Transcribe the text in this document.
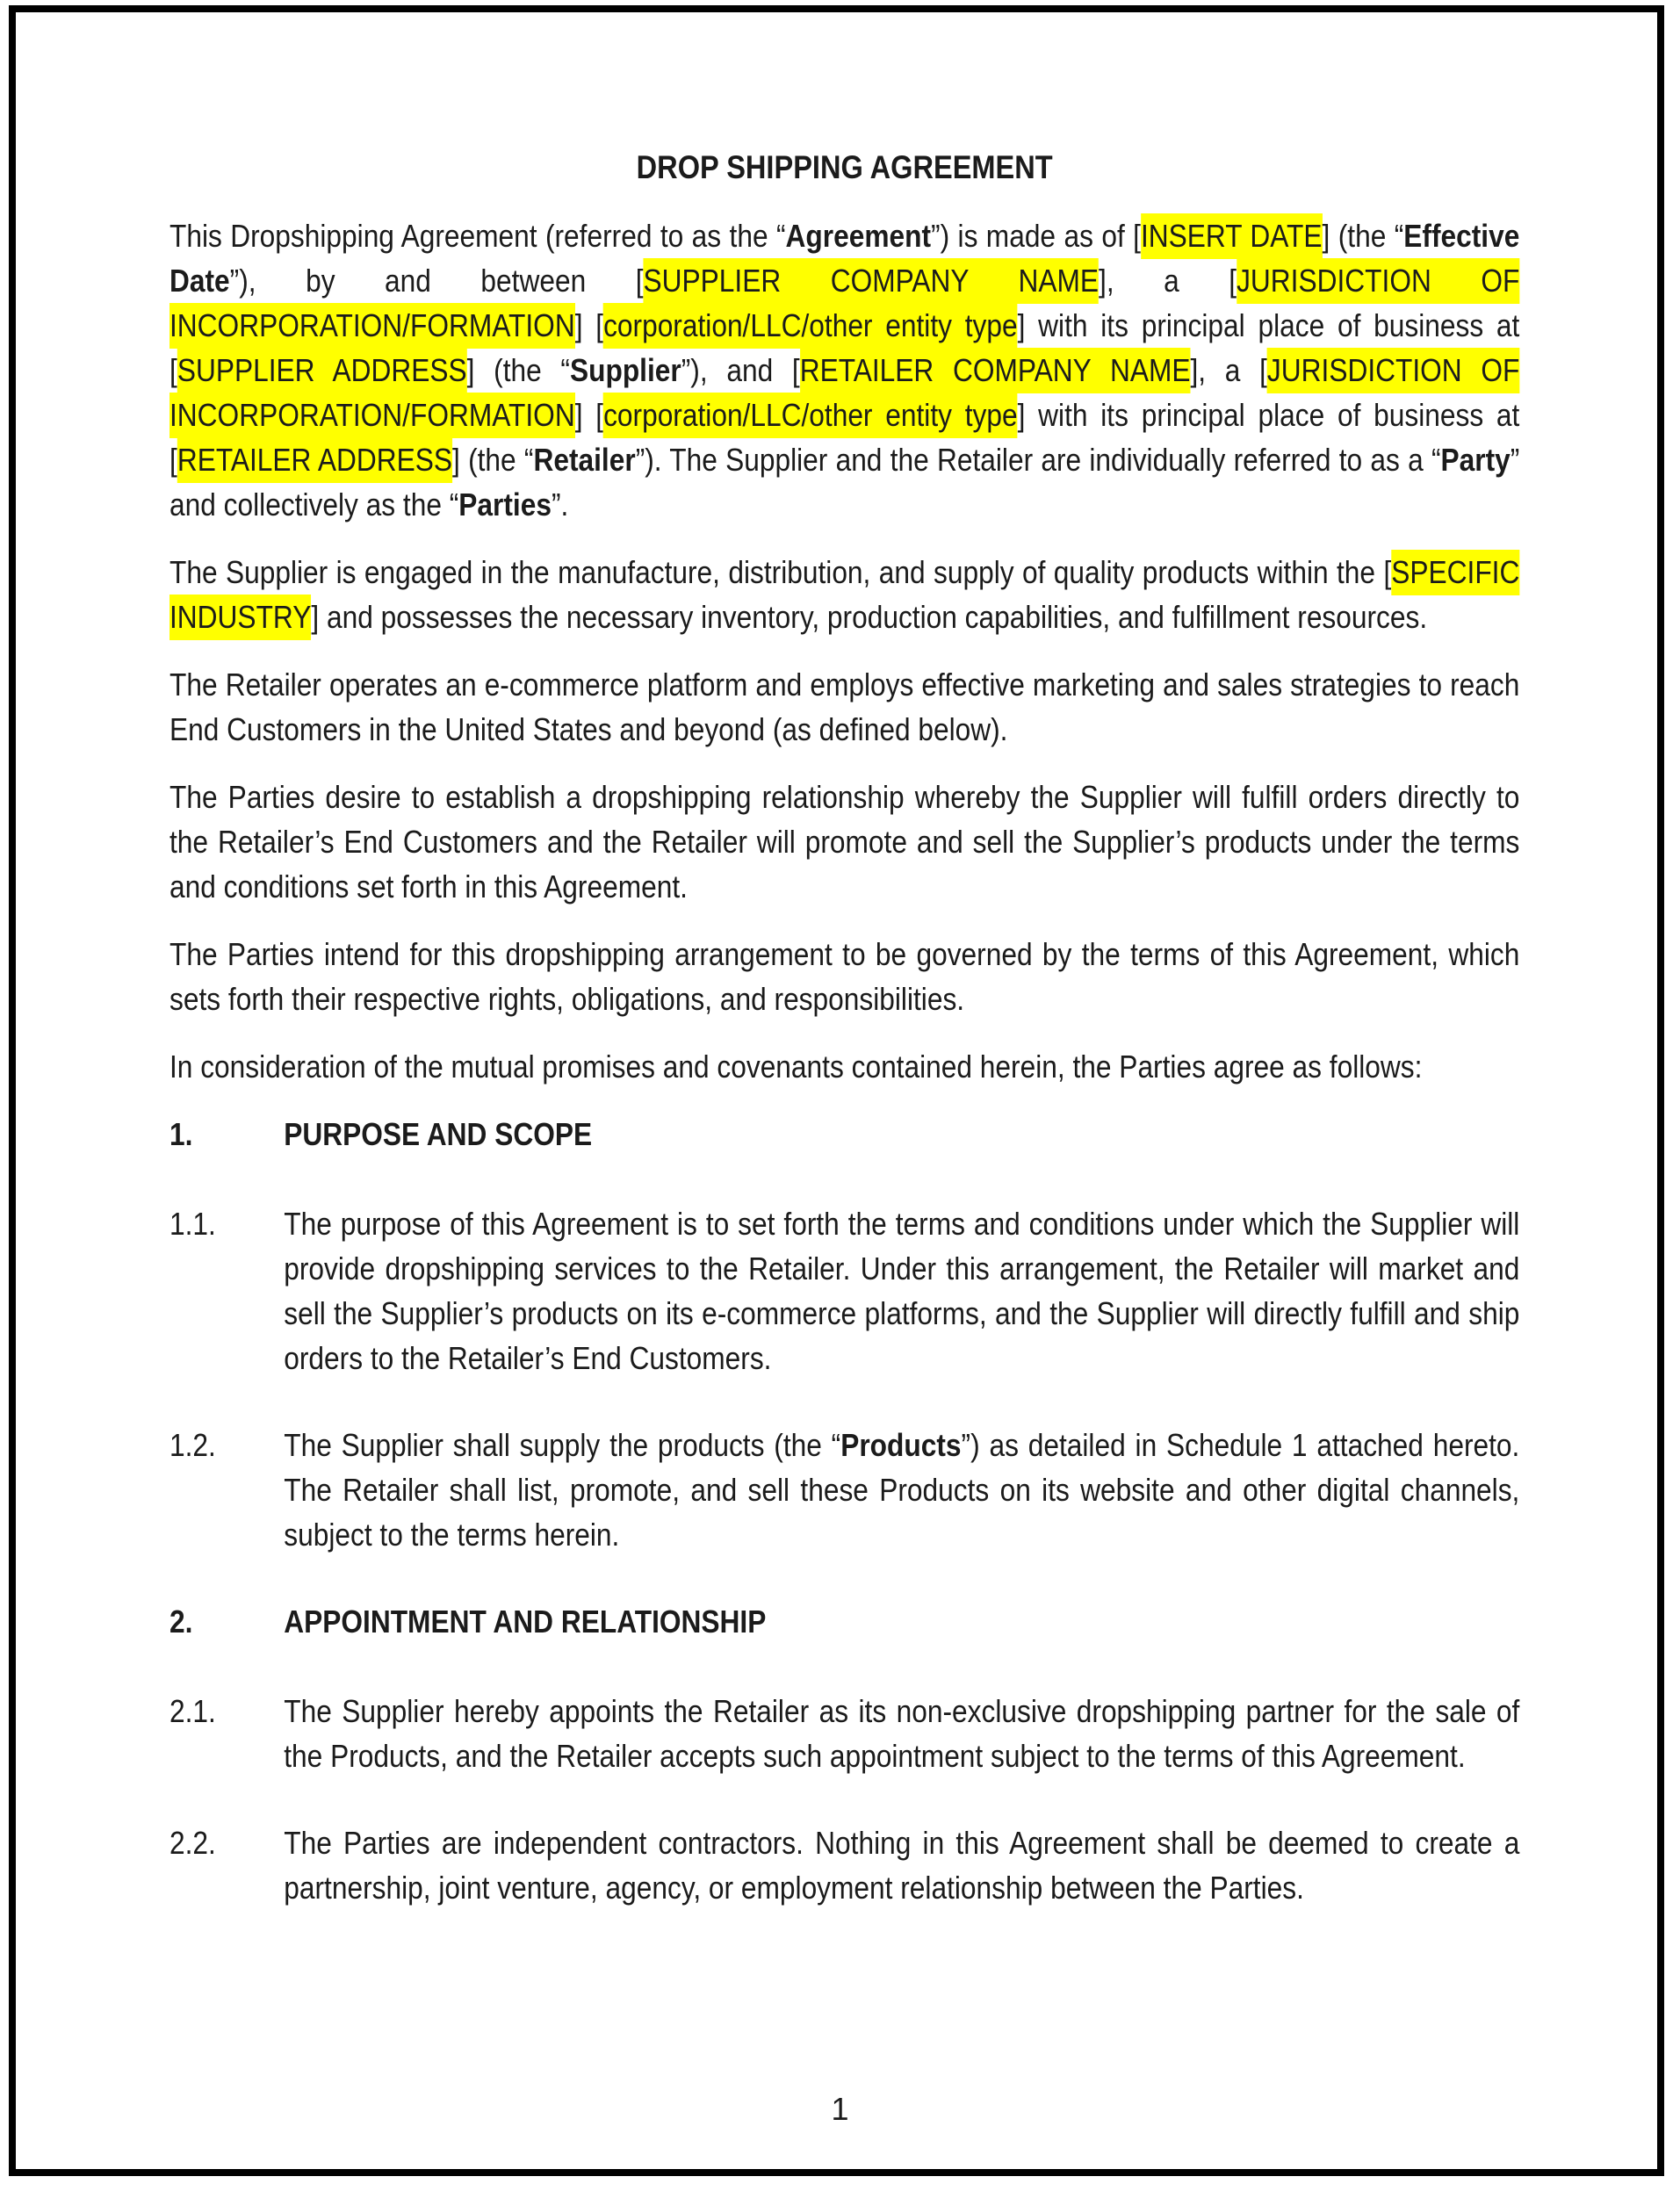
DROP SHIPPING AGREEMENT

This Dropshipping Agreement (referred to as the “Agreement”) is made as of [INSERT DATE] (the “Effective Date”), by and between [SUPPLIER COMPANY NAME], a [JURISDICTION OF INCORPORATION/FORMATION] [corporation/LLC/other entity type] with its principal place of business at [SUPPLIER ADDRESS] (the “Supplier”), and [RETAILER COMPANY NAME], a [JURISDICTION OF INCORPORATION/FORMATION] [corporation/LLC/other entity type] with its principal place of business at [RETAILER ADDRESS] (the “Retailer”). The Supplier and the Retailer are individually referred to as a “Party” and collectively as the “Parties”.

The Supplier is engaged in the manufacture, distribution, and supply of quality products within the [SPECIFIC INDUSTRY] and possesses the necessary inventory, production capabilities, and fulfillment resources.

The Retailer operates an e-commerce platform and employs effective marketing and sales strategies to reach End Customers in the United States and beyond (as defined below).

The Parties desire to establish a dropshipping relationship whereby the Supplier will fulfill orders directly to the Retailer’s End Customers and the Retailer will promote and sell the Supplier’s products under the terms and conditions set forth in this Agreement.

The Parties intend for this dropshipping arrangement to be governed by the terms of this Agreement, which sets forth their respective rights, obligations, and responsibilities.

In consideration of the mutual promises and covenants contained herein, the Parties agree as follows:

1.	PURPOSE AND SCOPE
1.1. The purpose of this Agreement is to set forth the terms and conditions under which the Supplier will provide dropshipping services to the Retailer. Under this arrangement, the Retailer will market and sell the Supplier’s products on its e-commerce platforms, and the Supplier will directly fulfill and ship orders to the Retailer’s End Customers.
1.2. The Supplier shall supply the products (the “Products”) as detailed in Schedule 1 attached hereto. The Retailer shall list, promote, and sell these Products on its website and other digital channels, subject to the terms herein.
2.	APPOINTMENT AND RELATIONSHIP
2.1. The Supplier hereby appoints the Retailer as its non-exclusive dropshipping partner for the sale of the Products, and the Retailer accepts such appointment subject to the terms of this Agreement.
2.2. The Parties are independent contractors. Nothing in this Agreement shall be deemed to create a partnership, joint venture, agency, or employment relationship between the Parties.
1
